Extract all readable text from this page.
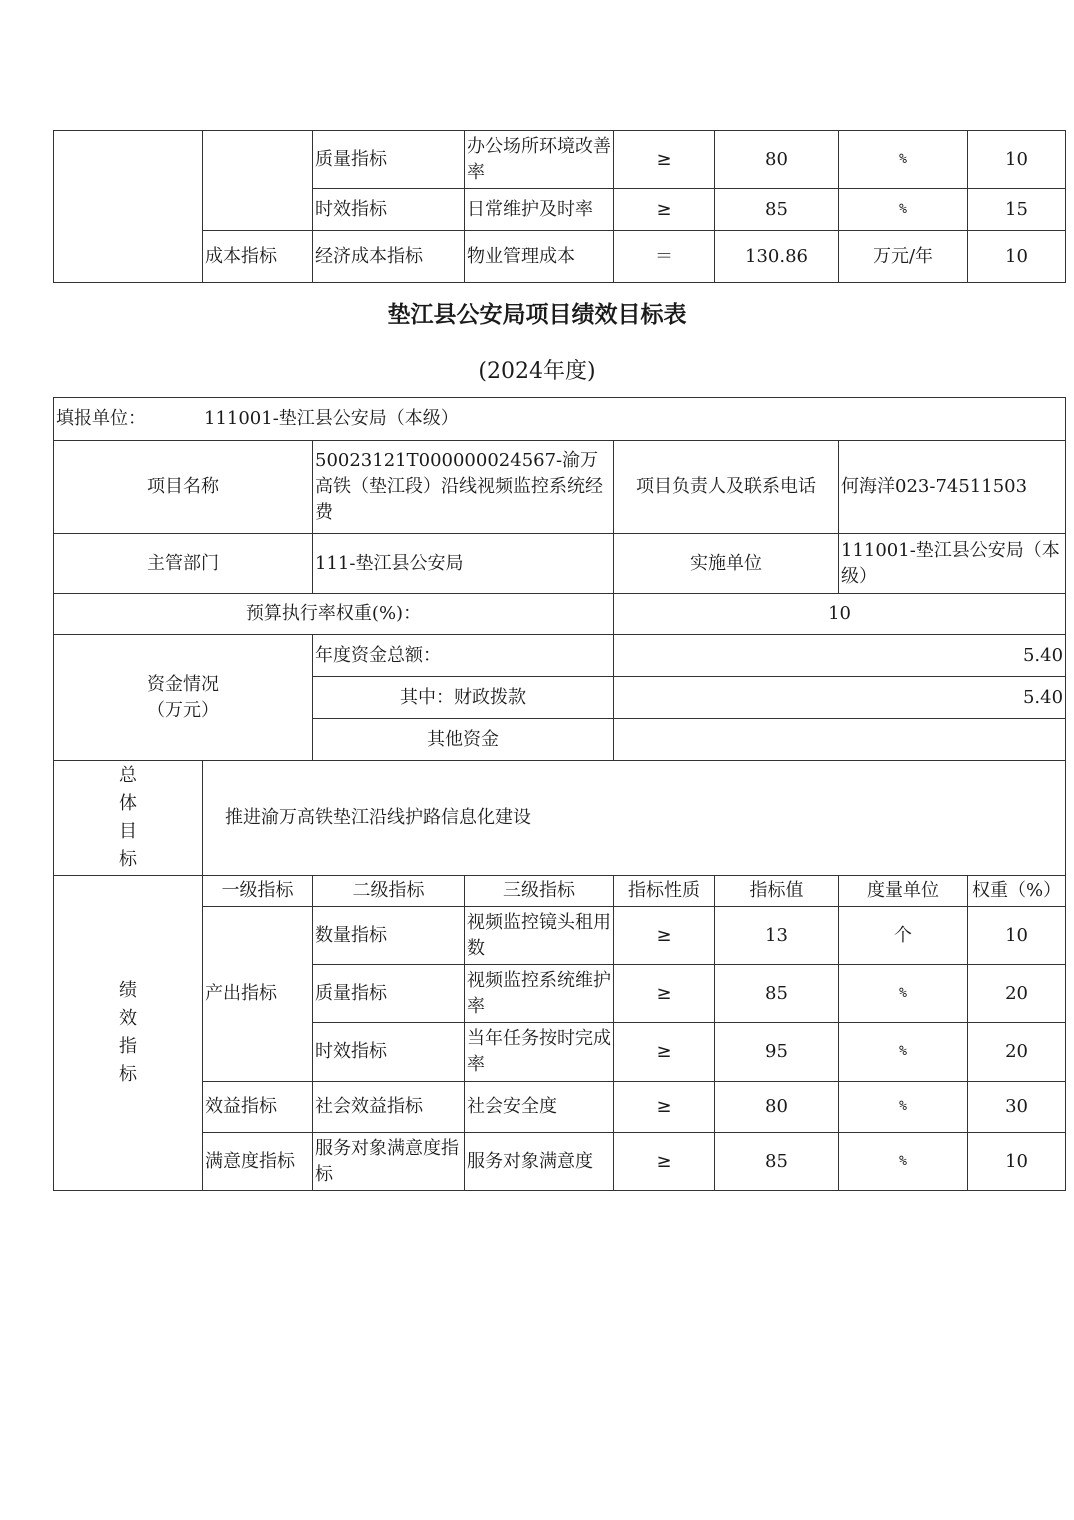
		质量指标	办公场所环境改善率	≥	80	%	10
		时效指标	日常维护及时率	≥	85	%	15
	成本指标	经济成本指标	物业管理成本	＝	130.86	万元/年	10
垫江县公安局项目绩效目标表
(2024年度)
填报单位： 111001-垫江县公安局（本级）							
项目名称		50023121T000000024567-渝万高铁（垫江段）沿线视频监控系统经费		项目负责人及联系电话		何海洋023-74511503	
主管部门		111-垫江县公安局		实施单位		111001-垫江县公安局（本级）	
预算执行率权重(%)：				10			

资金情况
（万元）		年度资金总额：		5.40			
		其中：财政拨款		5.40			
		其他资金					

总
体
目
标	推进渝万高铁垫江沿线护路信息化建设						

绩
效
指
标	一级指标	二级指标	三级指标	指标性质	指标值	度量单位	权重（%）
	产出指标	数量指标	视频监控镜头租用数	≥	13	个	10
		质量指标	视频监控系统维护率	≥	85	%	20
		时效指标	当年任务按时完成率	≥	95	%	20
	效益指标	社会效益指标	社会安全度	≥	80	%	30
	满意度指标	服务对象满意度指标	服务对象满意度	≥	85	%	10
